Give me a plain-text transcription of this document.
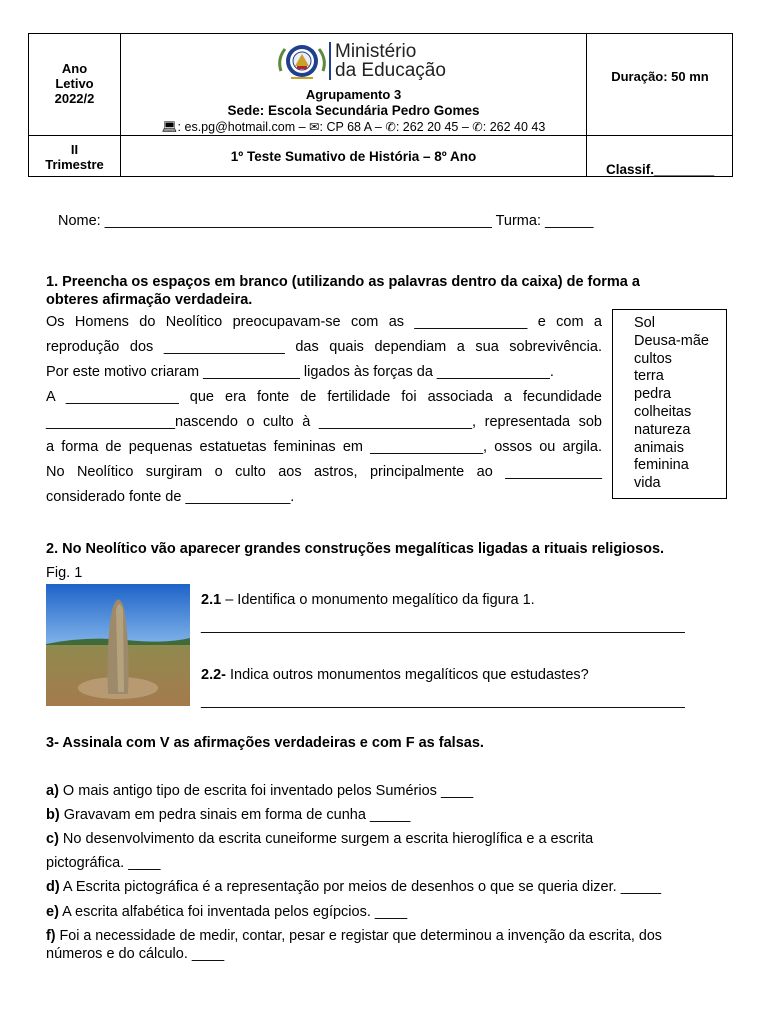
Ano
Letivo
2022/2
Ministério
da Educação
Agrupamento 3
Sede: Escola Secundária Pedro Gomes
💻︎: es.pg@hotmail.com – ✉︎: CP 68 A – ✆: 262 20 45 – ✆: 262 40 43
Duração: 50 mn
II
Trimestre
1º Teste Sumativo de História – 8º Ano
Classif.________
Nome: ________________________________________________ Turma: ______
1. Preencha os espaços em branco (utilizando as palavras dentro da caixa) de forma a
obteres afirmação verdadeira.
Os Homens do Neolítico preocupavam-se com as ______________ e com a
reprodução dos _______________ das quais dependiam a sua sobrevivência.
Por este motivo criaram ____________ ligados às forças da ______________.
A ______________ que era fonte de fertilidade foi associada a fecundidade
________________nascendo o culto à ___________________, representada sob
a forma de pequenas estatuetas femininas em ______________, ossos ou argila.
No Neolítico surgiram o culto aos astros, principalmente ao ____________
considerado fonte de _____________.
Sol
Deusa-mãe
cultos
terra
pedra
colheitas
natureza
animais
feminina
vida
2. No Neolítico vão aparecer grandes construções megalíticas ligadas a rituais religiosos.
Fig. 1
2.1 – Identifica o monumento megalítico da figura 1.
____________________________________________________________
2.2- Indica outros monumentos megalíticos que estudastes?
____________________________________________________________
3- Assinala com V as afirmações verdadeiras e com F as falsas.
a) O mais antigo tipo de escrita foi inventado pelos Sumérios ____
b) Gravavam em pedra sinais em forma de cunha _____
c) No desenvolvimento da escrita cuneiforme surgem a escrita hieroglífica e a escrita
pictográfica. ____
d) A Escrita pictográfica é a representação por meios de desenhos o que se queria dizer. _____
e) A escrita alfabética foi inventada pelos egípcios. ____
f) Foi a necessidade de medir, contar, pesar e registar que determinou a invenção da escrita, dos
números e do cálculo. ____
